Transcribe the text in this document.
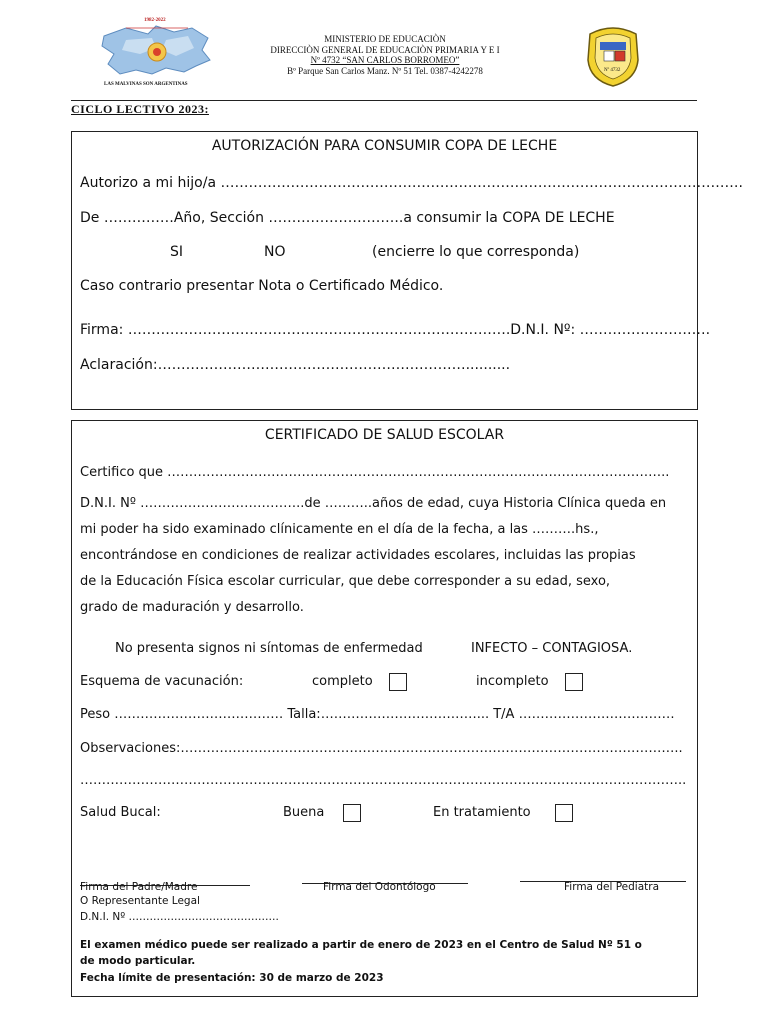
1982-2022
LAS MALVINAS SON ARGENTINAS
MINISTERIO DE EDUCACIÒN
DIRECCIÒN GENERAL DE EDUCACIÒN PRIMARIA Y E I
Nº 4732 “SAN CARLOS BORROMEO”
Bº Parque San Carlos Manz. Nº 51 Tel. 0387-4242278	Nº 4732
CICLO LECTIVO 2023:
AUTORIZACIÓN PARA CONSUMIR COPA DE LECHE
Autorizo a mi hijo/a ………………………………………………………………………………………………….
De ……………Año, Sección ………………………..a consumir la COPA DE LECHE
SI	NO	(encierre lo que corresponda)
Caso contrario presentar Nota o Certificado Médico.
Firma: ……………………………………………………………………….D.N.I. Nº: ……………………….
Aclaración:…………………………………………………………..........
CERTIFICADO DE SALUD ESCOLAR
Certifico que ……………………………………………………………………………………………………..
D.N.I. Nº ………………………………..de ………..años de edad, cuya Historia Clínica queda en
mi poder ha sido examinado clínicamente en el día de la fecha, a las ……….hs.,
encontrándose en condiciones de realizar actividades escolares, incluidas las propias
de la Educación Física escolar curricular, que debe corresponder a su edad, sexo,
grado de maduración y desarrollo.
No presenta signos ni síntomas de enfermedad	INFECTO – CONTAGIOSA.
Esquema de vacunación:	completo	incompleto
Peso ………………………………… Talla:………………………………... T/A ………………………………
Observaciones:……………………………………………………………………………………………………..
…………………………………………………………………………………………………………………………..
Salud Bucal:	Buena	En tratamiento
Firma del Padre/Madre	Firma del Odontólogo	Firma del Pediatra
O Representante Legal
D.N.I. Nº …………………………………….
El examen médico puede ser realizado a partir de enero de 2023 en el Centro de Salud Nº 51 o
de modo particular.
Fecha límite de presentación: 30 de marzo de 2023
